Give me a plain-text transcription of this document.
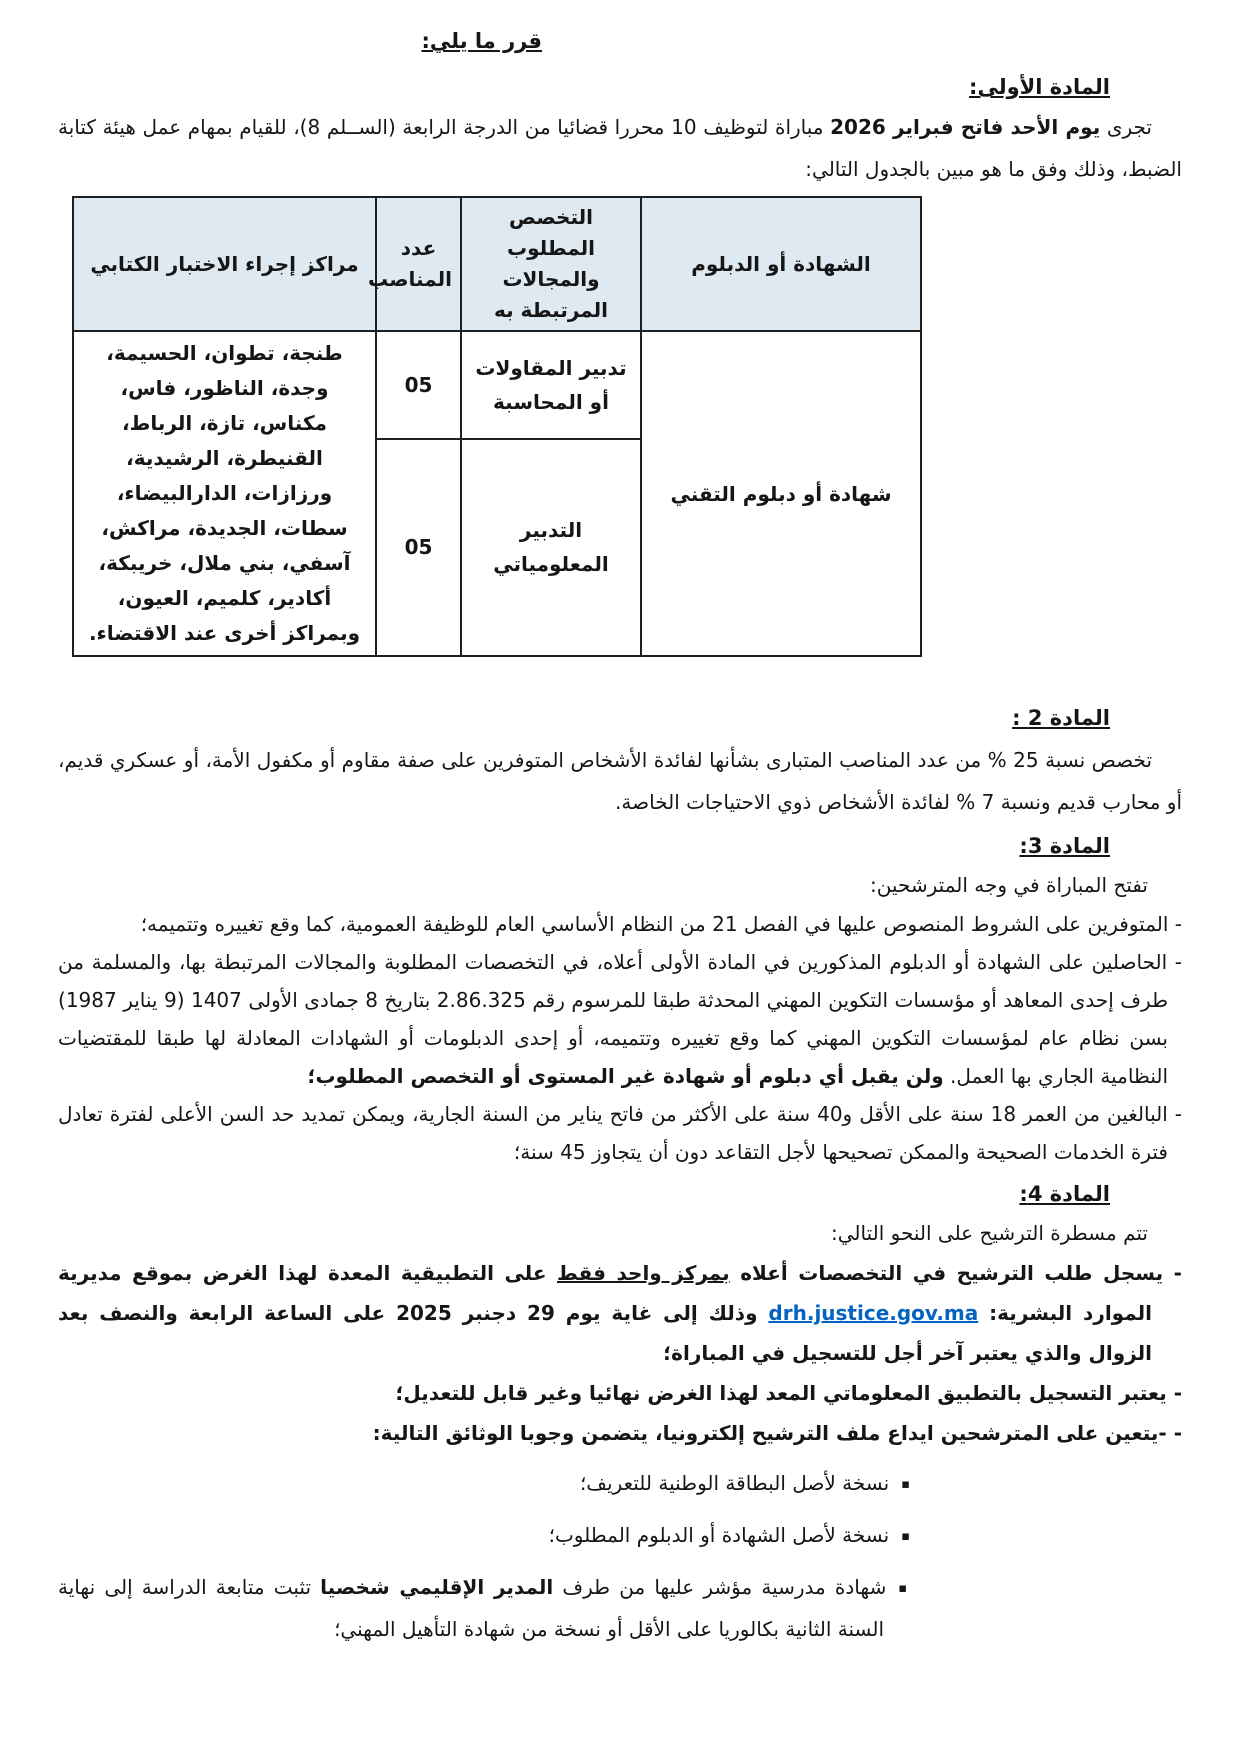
قرر ما يلي:
المادة الأولى:

تجرى يوم الأحد فاتح فبراير 2026 مباراة لتوظيف 10 محررا قضائيا من الدرجة الرابعة (الســلم 8)، للقيام بمهام عمل هيئة كتابة الضبط، وذلك وفق ما هو مبين بالجدول التالي:

الشهادة أو الدبلوم	التخصص المطلوب والمجالات المرتبطة به	عدد المناصب	مراكز إجراء الاختبار الكتابي
شهادة أو دبلوم التقني	تدبير المقاولات أو المحاسبة	05	طنجة، تطوان، الحسيمة، وجدة، الناظور، فاس، مكناس، تازة، الرباط، القنيطرة، الرشيدية، ورزازات، الدارالبيضاء، سطات، الجديدة، مراكش، آسفي، بني ملال، خريبكة، أكادير، كلميم، العيون، وبمراكز أخرى عند الاقتضاء.
	التدبير المعلومياتي	05	
المادة 2 :

تخصص نسبة 25 % من عدد المناصب المتبارى بشأنها لفائدة الأشخاص المتوفرين على صفة مقاوم أو مكفول الأمة، أو عسكري قديم، أو محارب قديم ونسبة 7 % لفائدة الأشخاص ذوي الاحتياجات الخاصة.

المادة 3:

تفتح المباراة في وجه المترشحين:

- المتوفرين على الشروط المنصوص عليها في الفصل 21 من النظام الأساسي العام للوظيفة العمومية، كما وقع تغييره وتتميمه؛

- الحاصلين على الشهادة أو الدبلوم المذكورين في المادة الأولى أعلاه، في التخصصات المطلوبة والمجالات المرتبطة بها، والمسلمة من طرف إحدى المعاهد أو مؤسسات التكوين المهني المحدثة طبقا للمرسوم رقم 2.86.325 بتاريخ 8 جمادى الأولى 1407 (9 يناير 1987) بسن نظام عام لمؤسسات التكوين المهني كما وقع تغييره وتتميمه، أو إحدى الدبلومات أو الشهادات المعادلة لها طبقا للمقتضيات النظامية الجاري بها العمل. ولن يقبل أي دبلوم أو شهادة غير المستوى أو التخصص المطلوب؛

- البالغين من العمر 18 سنة على الأقل و40 سنة على الأكثر من فاتح يناير من السنة الجارية، ويمكن تمديد حد السن الأعلى لفترة تعادل فترة الخدمات الصحيحة والممكن تصحيحها لأجل التقاعد دون أن يتجاوز 45 سنة؛

المادة 4:

تتم مسطرة الترشيح على النحو التالي:

- يسجل طلب الترشيح في التخصصات أعلاه بمركز واحد فقط على التطبيقية المعدة لهذا الغرض بموقع مديرية الموارد البشرية: drh.justice.gov.ma وذلك إلى غاية يوم 29 دجنبر 2025 على الساعة الرابعة والنصف بعد الزوال والذي يعتبر آخر أجل للتسجيل في المباراة؛

- يعتبر التسجيل بالتطبيق المعلوماتي المعد لهذا الغرض نهائيا وغير قابل للتعديل؛

- -يتعين على المترشحين ايداع ملف الترشيح إلكترونيا، يتضمن وجوبا الوثائق التالية:

▪نسخة لأصل البطاقة الوطنية للتعريف؛

▪نسخة لأصل الشهادة أو الدبلوم المطلوب؛

▪شهادة مدرسية مؤشر عليها من طرف المدير الإقليمي شخصيا تثبت متابعة الدراسة إلى نهاية السنة الثانية بكالوريا على الأقل أو نسخة من شهادة التأهيل المهني؛
